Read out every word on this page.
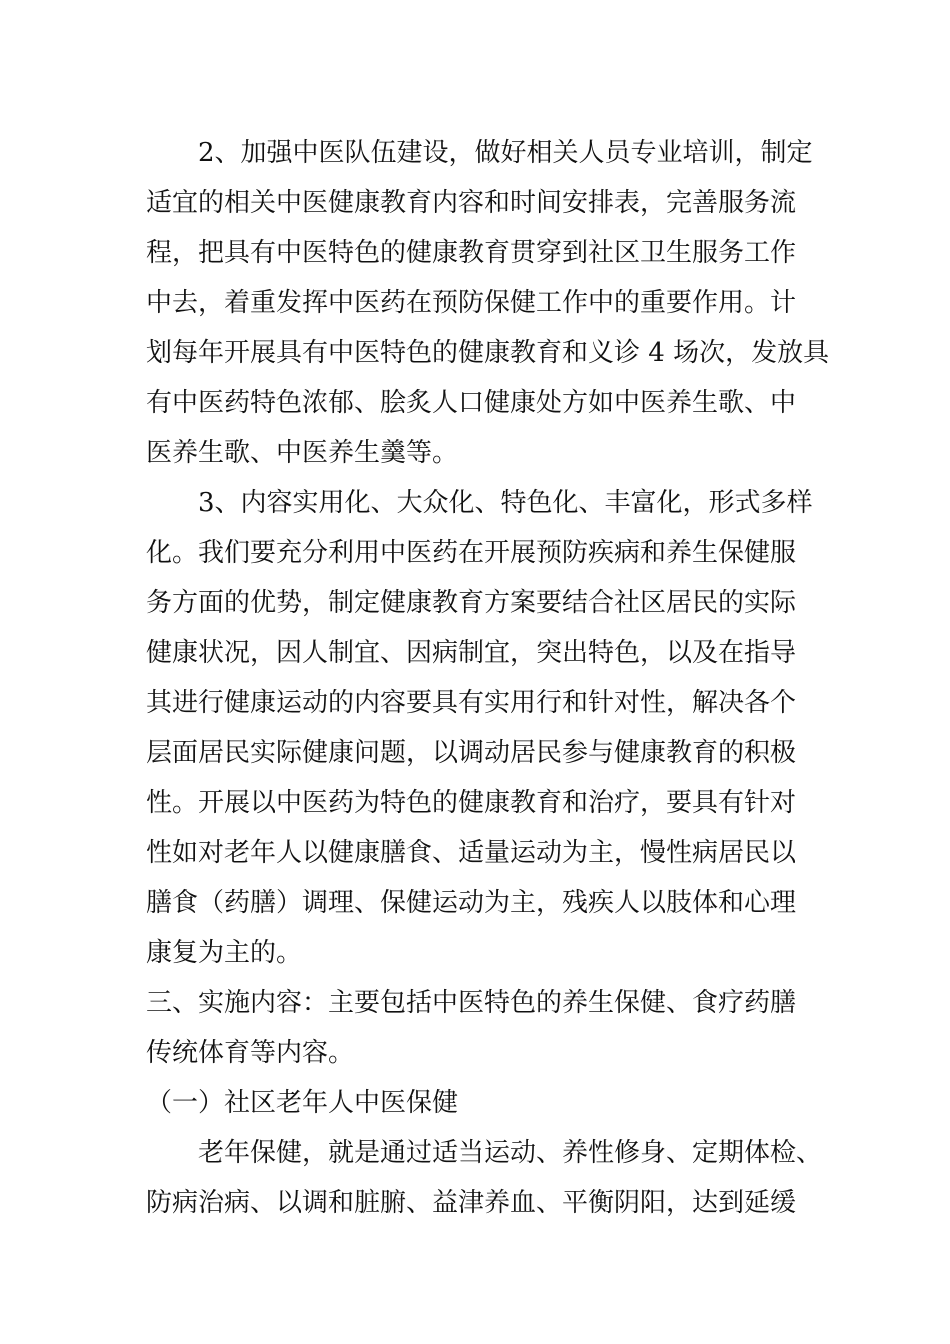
2、加强中医队伍建设，做好相关人员专业培训，制定

适宜的相关中医健康教育内容和时间安排表，完善服务流

程，把具有中医特色的健康教育贯穿到社区卫生服务工作

中去，着重发挥中医药在预防保健工作中的重要作用。计

划每年开展具有中医特色的健康教育和义诊 4 场次，发放具

有中医药特色浓郁、脍炙人口健康处方如中医养生歌、中

医养生歌、中医养生羹等。

3、内容实用化、大众化、特色化、丰富化，形式多样

化。我们要充分利用中医药在开展预防疾病和养生保健服

务方面的优势，制定健康教育方案要结合社区居民的实际

健康状况，因人制宜、因病制宜，突出特色，以及在指导

其进行健康运动的内容要具有实用行和针对性，解决各个

层面居民实际健康问题，以调动居民参与健康教育的积极

性。开展以中医药为特色的健康教育和治疗，要具有针对

性如对老年人以健康膳食、适量运动为主，慢性病居民以

膳食（药膳）调理、保健运动为主，残疾人以肢体和心理

康复为主的。

三、实施内容：主要包括中医特色的养生保健、食疗药膳

传统体育等内容。

（一）社区老年人中医保健

老年保健，就是通过适当运动、养性修身、定期体检、

防病治病、以调和脏腑、益津养血、平衡阴阳，达到延缓
